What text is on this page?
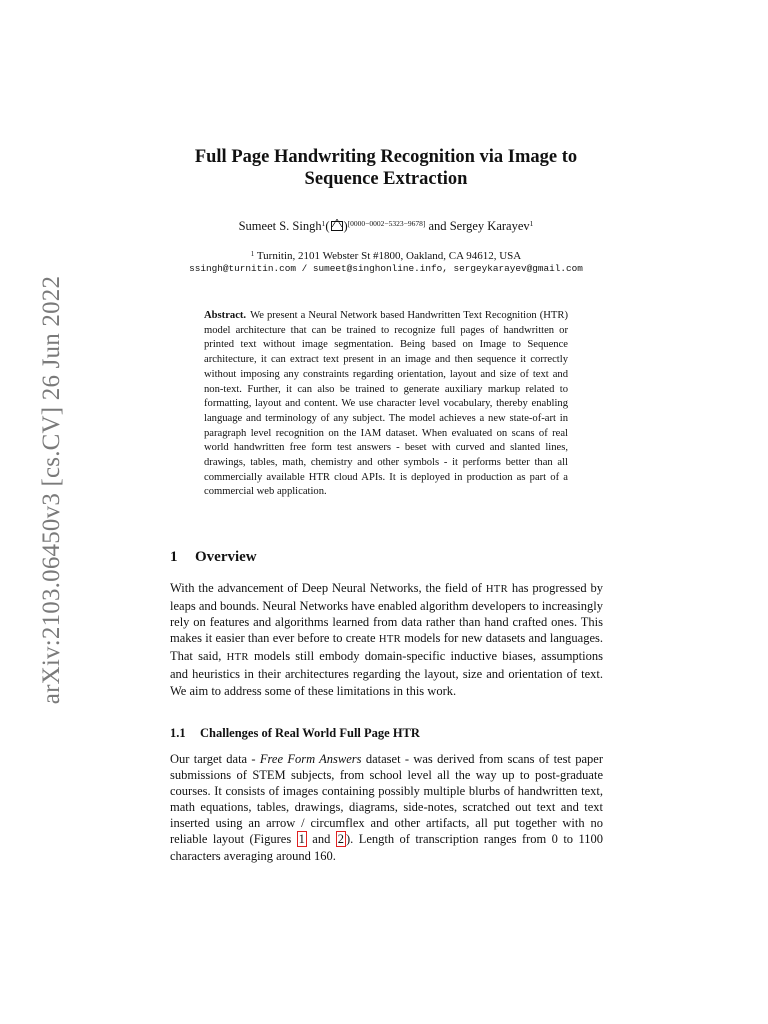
arXiv:2103.06450v3 [cs.CV] 26 Jun 2022
Full Page Handwriting Recognition via Image to
Sequence Extraction
Sumeet S. Singh$^1$( )[0000−0002−5323−9678] and Sergey Karayev$^1$
$^1$ Turnitin, 2101 Webster St #1800, Oakland, CA 94612, USA
ssingh@turnitin.com / sumeet@singhonline.info, sergeykarayev@gmail.com
Abstract. We present a Neural Network based Handwritten Text Recognition (HTR) model architecture that can be trained to recognize full pages of handwritten or printed text without image segmentation. Being based on Image to Sequence architecture, it can extract text present in an image and then sequence it correctly without imposing any constraints regarding orientation, layout and size of text and non-text. Further, it can also be trained to generate auxiliary markup related to formatting, layout and content. We use character level vocabulary, thereby enabling language and terminology of any subject. The model achieves a new state-of-art in paragraph level recognition on the IAM dataset. When evaluated on scans of real world handwritten free form test answers - beset with curved and slanted lines, drawings, tables, math, chemistry and other symbols - it performs better than all commercially available HTR cloud APIs. It is deployed in production as part of a commercial web application.
1 Overview
With the advancement of Deep Neural Networks, the field of HTR has progressed by leaps and bounds. Neural Networks have enabled algorithm developers to increasingly rely on features and algorithms learned from data rather than hand crafted ones. This makes it easier than ever before to create HTR models for new datasets and languages. That said, HTR models still embody domain-specific inductive biases, assumptions and heuristics in their architectures regarding the layout, size and orientation of text. We aim to address some of these limitations in this work.
1.1 Challenges of Real World Full Page HTR
Our target data - Free Form Answers dataset - was derived from scans of test paper submissions of STEM subjects, from school level all the way up to post-graduate courses. It consists of images containing possibly multiple blurbs of handwritten text, math equations, tables, drawings, diagrams, side-notes, scratched out text and text inserted using an arrow / circumflex and other artifacts, all put together with no reliable layout (Figures 1 and 2 ). Length of transcription ranges from 0 to 1100 characters averaging around 160.
